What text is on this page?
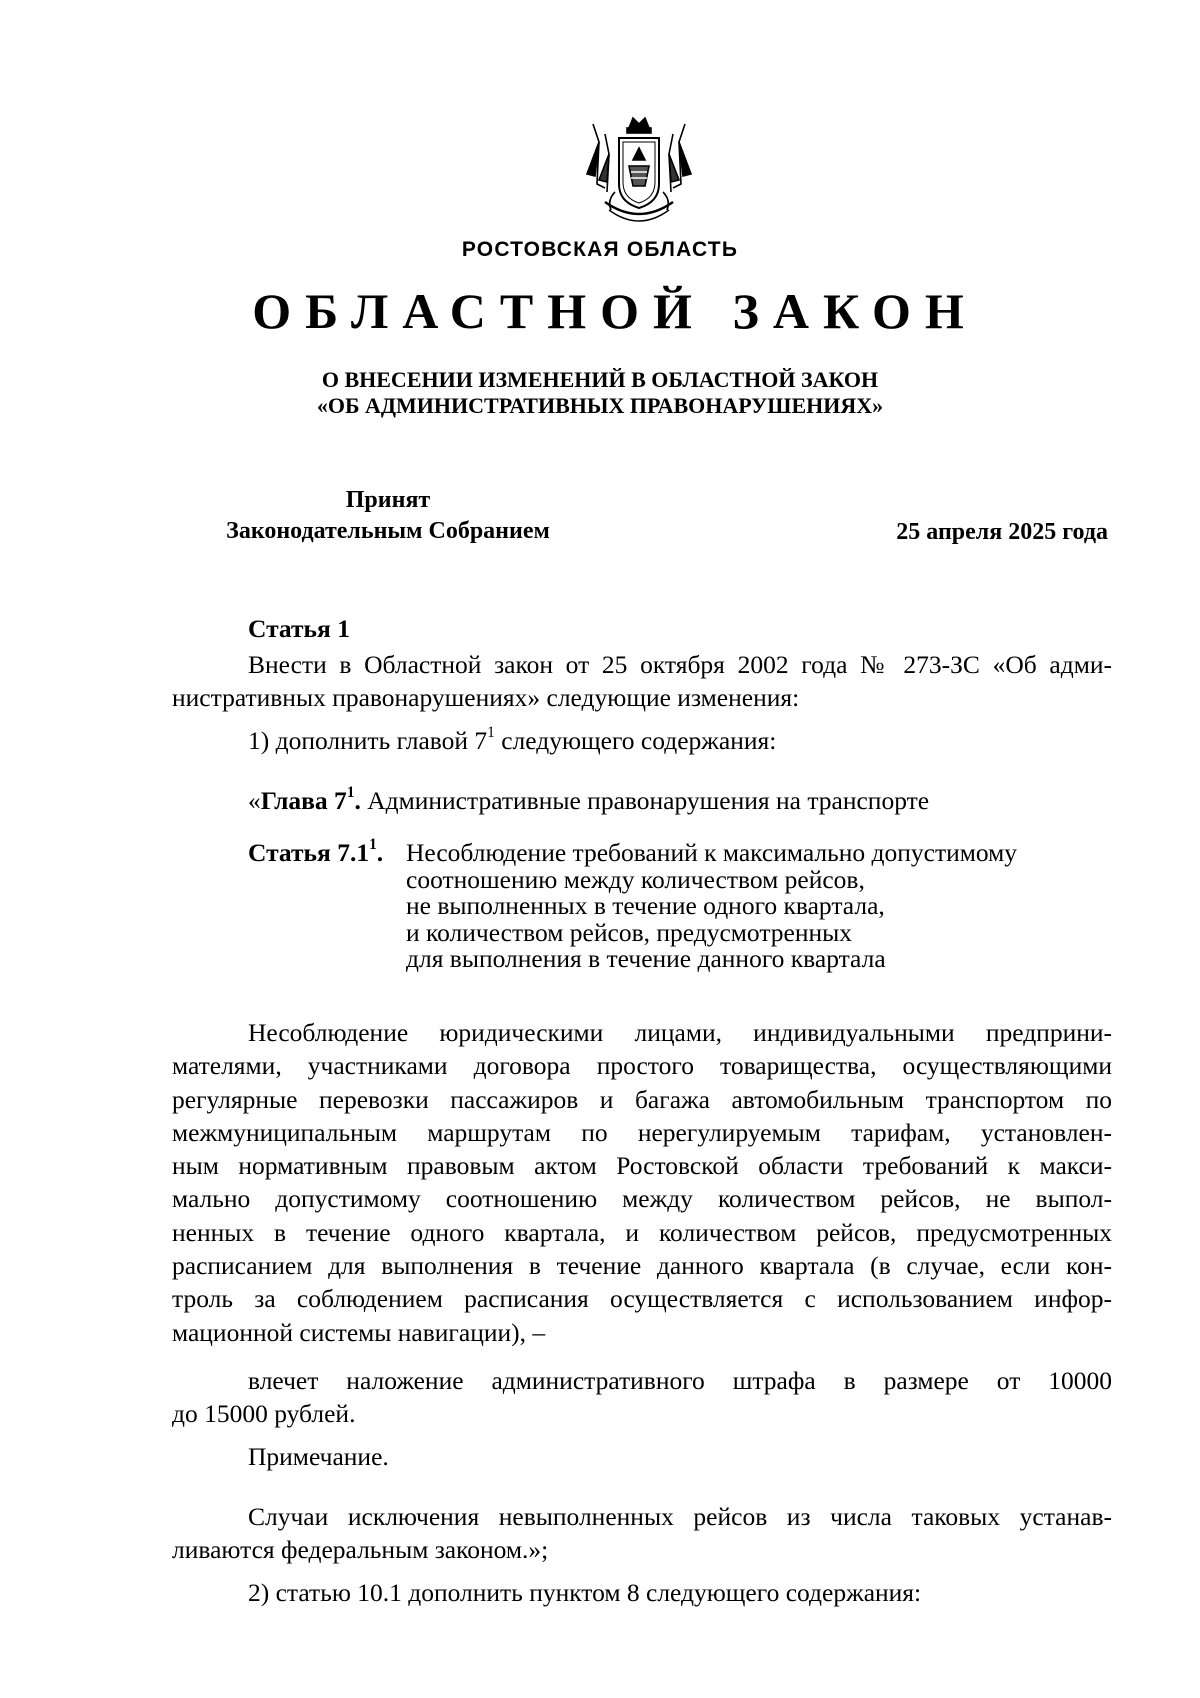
РОСТОВСКАЯ ОБЛАСТЬ
ОБЛАСТНОЙ ЗАКОН
О ВНЕСЕНИИ ИЗМЕНЕНИЙ В ОБЛАСТНОЙ ЗАКОН
«ОБ АДМИНИСТРАТИВНЫХ ПРАВОНАРУШЕНИЯХ»
Принят
Законодательным Собранием	25 апреля 2025 года
Статья 1
Внести в Областной закон от 25 октября 2002 года № 273-ЗС «Об адми-
нистративных правонарушениях» следующие изменения:
1) дополнить главой $7^1$ следующего содержания:
«Глава $7^1$. Административные правонарушения на транспорте
Статья $7.1^1$. Несоблюдение требований к максимально допустимому
соотношению между количеством рейсов,
не выполненных в течение одного квартала,
и количеством рейсов, предусмотренных
для выполнения в течение данного квартала
Несоблюдение юридическими лицами, индивидуальными предприни-
мателями, участниками договора простого товарищества, осуществляющими
регулярные перевозки пассажиров и багажа автомобильным транспортом по
межмуниципальным маршрутам по нерегулируемым тарифам, установлен-
ным нормативным правовым актом Ростовской области требований к макси-
мально допустимому соотношению между количеством рейсов, не выпол-
ненных в течение одного квартала, и количеством рейсов, предусмотренных
расписанием для выполнения в течение данного квартала (в случае, если кон-
троль за соблюдением расписания осуществляется с использованием инфор-
мационной системы навигации), –
влечет наложение административного штрафа в размере от 10000
до 15000 рублей.
Примечание.
Случаи исключения невыполненных рейсов из числа таковых устанав-
ливаются федеральным законом.»;
2) статью 10.1 дополнить пунктом 8 следующего содержания:
